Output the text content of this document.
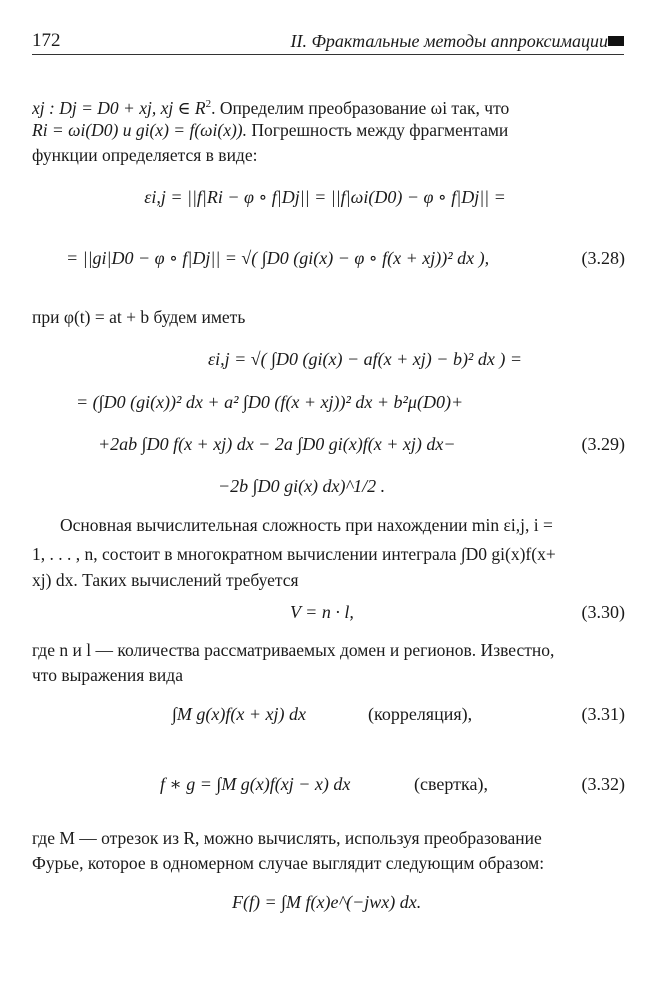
172	II. Фрактальные методы аппроксимации
xj : Dj = D0 + xj, xj ∈ $R^2$. Определим преобразование ωi так, что
Ri = ωi(D0) и gi(x) = f(ωi(x)). Погрешность между фрагментами
функции определяется в виде:
εi,j = ||f|Ri − φ ∘ f|Dj|| = ||f|ωi(D0) − φ ∘ f|Dj|| =
= ||gi|D0 − φ ∘ f|Dj|| = √( ∫D0 (gi(x) − φ ∘ f(x + xj))² dx ),	(3.28)
при φ(t) = at + b будем иметь
εi,j = √( ∫D0 (gi(x) − af(x + xj) − b)² dx ) =
= (∫D0 (gi(x))² dx + a² ∫D0 (f(x + xj))² dx + b²μ(D0)+
+2ab ∫D0 f(x + xj) dx − 2a ∫D0 gi(x)f(x + xj) dx−
−2b ∫D0 gi(x) dx)^1/2 .
(3.29)
Основная вычислительная сложность при нахождении min εi,j, i =
1, . . . , n, состоит в многократном вычислении интеграла ∫D0 gi(x)f(x+
xj) dx. Таких вычислений требуется
V = n · l,	(3.30)
где n и l — количества рассматриваемых домен и регионов. Известно,
что выражения вида
∫M g(x)f(x + xj) dx	(корреляция),	(3.31)
f ∗ g = ∫M g(x)f(xj − x) dx	(свертка),	(3.32)
где M — отрезок из R, можно вычислять, используя преобразование
Фурье, которое в одномерном случае выглядит следующим образом:
F(f) = ∫M f(x)e^(−jwx) dx.
